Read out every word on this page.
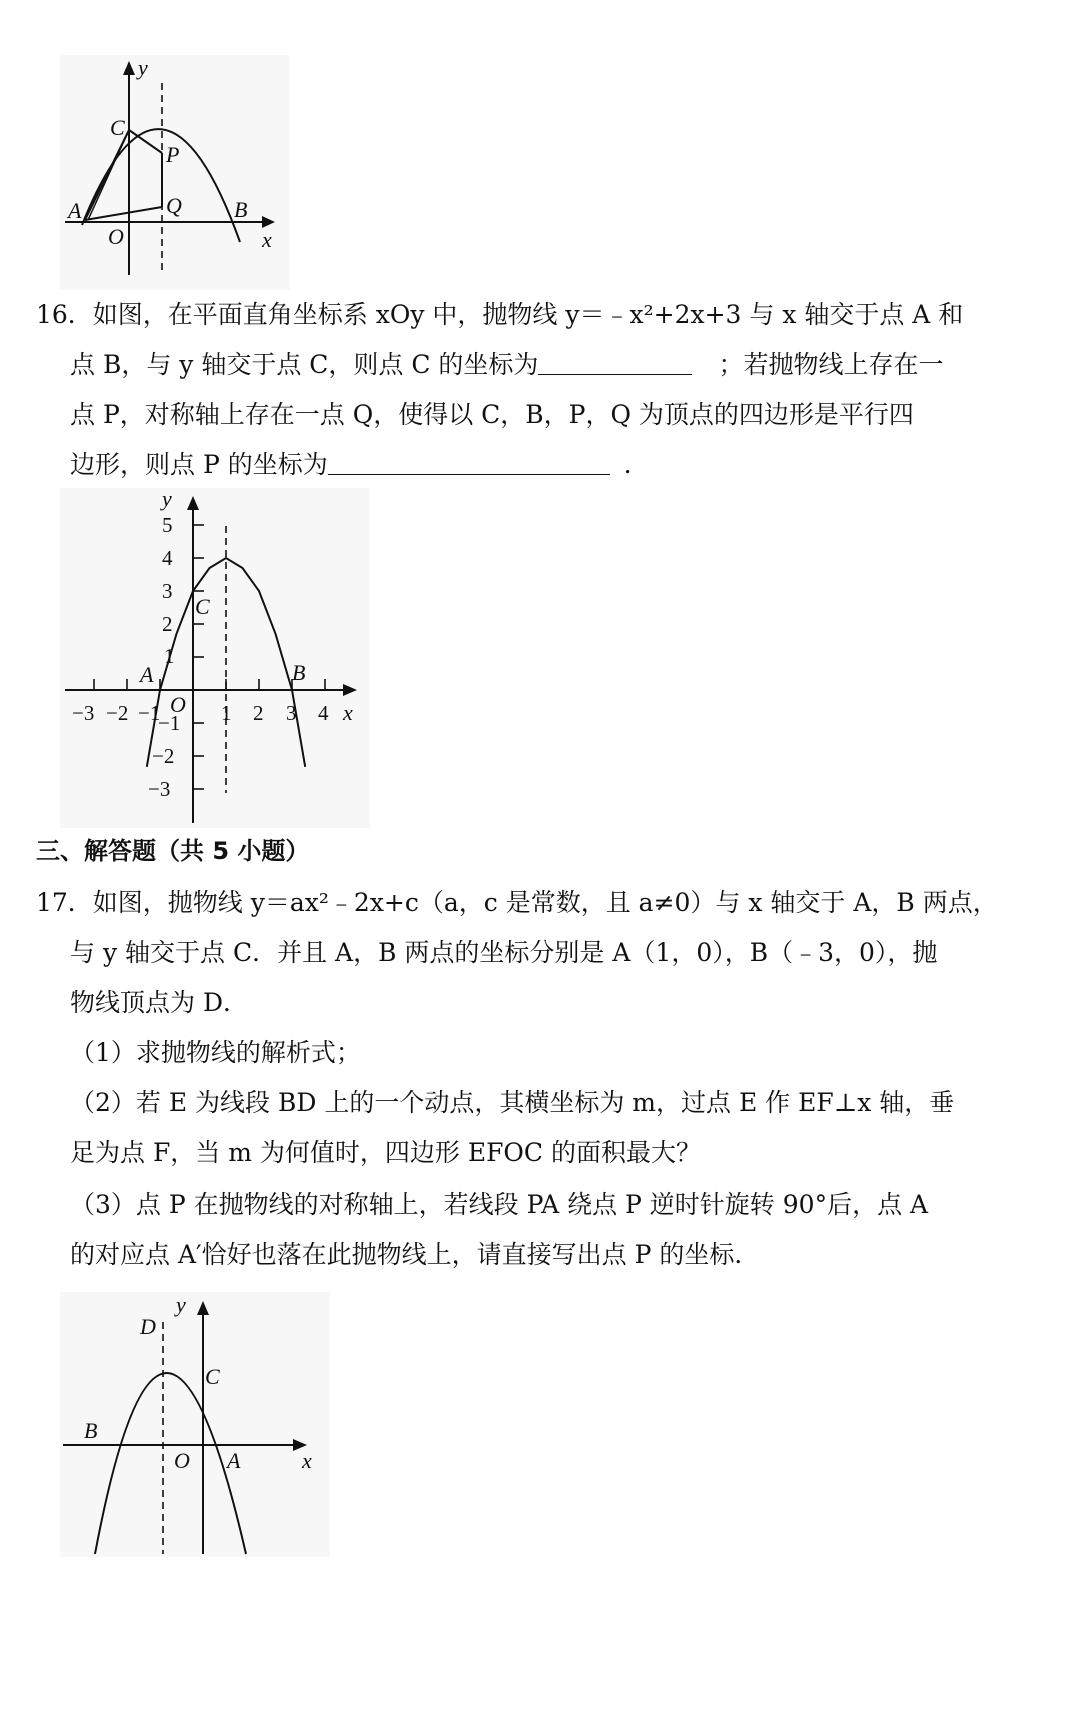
y
C
P
A	Q B
O	x
16．如图，在平面直角坐标系 xOy 中，抛物线 y＝﹣x²+2x+3 与 x 轴交于点 A 和
点 B，与 y 轴交于点 C，则点 C 的坐标为	；若抛物线上存在一
点 P，对称轴上存在一点 Q，使得以 C，B，P，Q 为顶点的四边形是平行四
边形，则点 P 的坐标为	．
y
5
4
3
2
1
−1
−2
−3
−3 −2 −1	1 2 3 4 x
O
C
A	B
三、解答题（共 5 小题）
17．如图，抛物线 y＝ax²﹣2x+c（a，c 是常数，且 a≠0）与 x 轴交于 A，B 两点，
与 y 轴交于点 C．并且 A，B 两点的坐标分别是 A（1，0），B（﹣3，0），抛
物线顶点为 D．
（1）求抛物线的解析式；
（2）若 E 为线段 BD 上的一个动点，其横坐标为 m，过点 E 作 EF⊥x 轴，垂
足为点 F，当 m 为何值时，四边形 EFOC 的面积最大？
（3）点 P 在抛物线的对称轴上，若线段 PA 绕点 P 逆时针旋转 90°后，点 A
的对应点 A′恰好也落在此抛物线上，请直接写出点 P 的坐标．
y
D
C
B
O A	x
